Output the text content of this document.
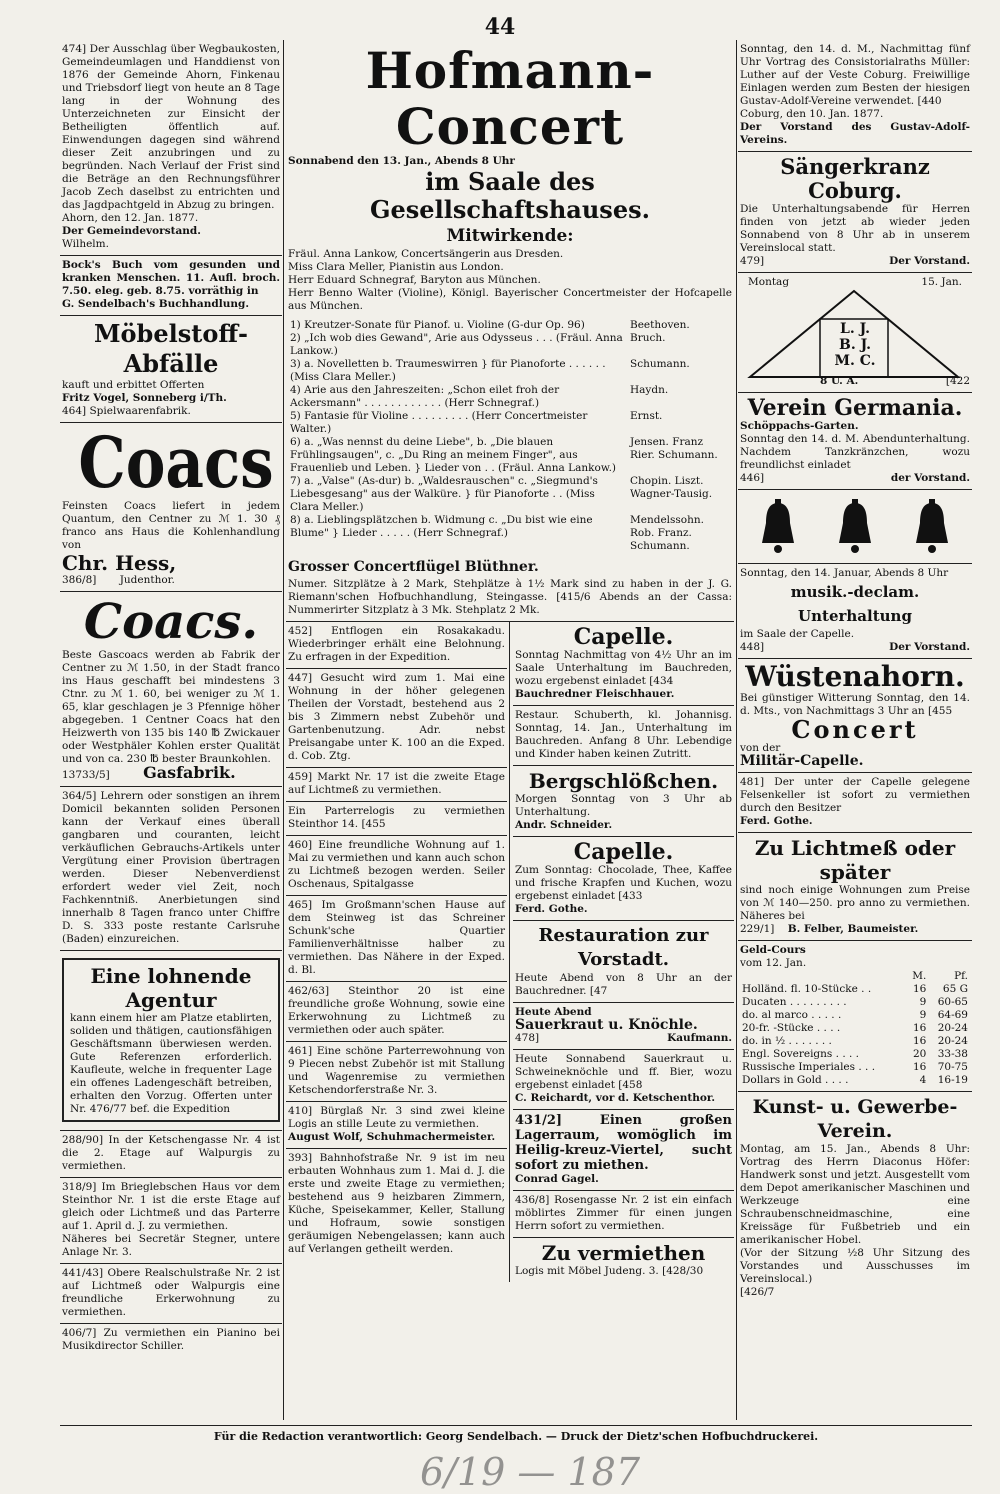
44

474] Der Ausschlag über Wegbaukosten, Gemeindeumlagen und Handdienst von 1876 der Gemeinde Ahorn, Finkenau und Triebsdorf liegt von heute an 8 Tage lang in der Wohnung des Unterzeichneten zur Einsicht der Betheiligten öffentlich auf. Einwendungen dagegen sind während dieser Zeit anzubringen und zu begründen. Nach Verlauf der Frist sind die Beträge an den Rechnungsführer Jacob Zech daselbst zu entrichten und das Jagdpachtgeld in Abzug zu bringen.

Ahorn, den 12. Jan. 1877.

Der Gemeindevorstand.

Wilhelm.

Bock's Buch vom gesunden und kranken Menschen. 11. Aufl. broch. 7.50. eleg. geb. 8.75. vorräthig in

G. Sendelbach's Buchhandlung.

Möbelstoff-Abfälle

kauft und erbittet Offerten

Fritz Vogel, Sonneberg i/Th.

464] Spielwaarenfabrik.

Coacs

Feinsten Coacs liefert in jedem Quantum, den Centner zu ℳ 1. 30 ₰ franco ans Haus die Kohlenhandlung von

Chr. Hess,

386/8] Judenthor.

Coacs.

Beste Gascoacs werden ab Fabrik der Centner zu ℳ 1.50, in der Stadt franco ins Haus geschafft bei mindestens 3 Ctnr. zu ℳ 1. 60, bei weniger zu ℳ 1. 65, klar geschlagen je 3 Pfennige höher abgegeben. 1 Centner Coacs hat den Heizwerth von 135 bis 140 ℔ Zwickauer oder Westphäler Kohlen erster Qualität und von ca. 230 ℔ bester Braunkohlen.

13733/5] Gasfabrik.

364/5] Lehrern oder sonstigen an ihrem Domicil bekannten soliden Personen kann der Verkauf eines überall gangbaren und couranten, leicht verkäuflichen Gebrauchs-Artikels unter Vergütung einer Provision übertragen werden. Dieser Nebenverdienst erfordert weder viel Zeit, noch Fachkenntniß. Anerbietungen sind innerhalb 8 Tagen franco unter Chiffre D. S. 333 poste restante Carlsruhe (Baden) einzureichen.

Eine lohnende Agentur

kann einem hier am Platze etablirten, soliden und thätigen, cautionsfähigen Geschäftsmann überwiesen werden. Gute Referenzen erforderlich. Kaufleute, welche in frequenter Lage ein offenes Ladengeschäft betreiben, erhalten den Vorzug. Offerten unter Nr. 476/77 bef. die Expedition

288/90] In der Ketschengasse Nr. 4 ist die 2. Etage auf Walpurgis zu vermiethen.

318/9] Im Brieglebschen Haus vor dem Steinthor Nr. 1 ist die erste Etage auf gleich oder Lichtmeß und das Parterre auf 1. April d. J. zu vermiethen.

Näheres bei Secretär Stegner, untere Anlage Nr. 3.

441/43] Obere Realschulstraße Nr. 2 ist auf Lichtmeß oder Walpurgis eine freundliche Erkerwohnung zu vermiethen.

406/7] Zu vermiethen ein Pianino bei Musikdirector Schiller.

Hofmann-Concert

Sonnabend den 13. Jan., Abends 8 Uhr

im Saale des Gesellschaftshauses.
Mitwirkende:

Fräul. Anna Lankow, Concertsängerin aus Dresden.

Miss Clara Meller, Pianistin aus London.

Herr Eduard Schnegraf, Baryton aus München.

Herr Benno Walter (Violine), Königl. Bayerischer Concertmeister der Hofcapelle aus München.

1) Kreutzer-Sonate für Pianof. u. Violine (G-dur Op. 96)	Beethoven.
2) „Ich wob dies Gewand", Arie aus Odysseus . . . (Fräul. Anna Lankow.)	Bruch.
3) a. Novelletten b. Traumeswirren } für Pianoforte . . . . . . (Miss Clara Meller.)	Schumann.
4) Arie aus den Jahreszeiten: „Schon eilet froh der Ackersmann" . . . . . . . . . . . . (Herr Schnegraf.)	Haydn.
5) Fantasie für Violine . . . . . . . . . (Herr Concertmeister Walter.)	Ernst.
6) a. „Was nennst du deine Liebe", b. „Die blauen Frühlingsaugen", c. „Du Ring an meinem Finger", aus Frauenlieb und Leben. } Lieder von . . (Fräul. Anna Lankow.)	Jensen. Franz Rier. Schumann.
7) a. „Valse" (As-dur) b. „Waldesrauschen" c. „Siegmund's Liebesgesang" aus der Walküre. } für Pianoforte . . (Miss Clara Meller.)	Chopin. Liszt. Wagner-Tausig.
8) a. Lieblingsplätzchen b. Widmung c. „Du bist wie eine Blume" } Lieder . . . . . (Herr Schnegraf.)	Mendelssohn. Rob. Franz. Schumann.

Grosser Concertflügel Blüthner.

Numer. Sitzplätze à 2 Mark, Stehplätze à 1½ Mark sind zu haben in der J. G. Riemann'schen Hofbuchhandlung, Steingasse. [415/6 Abends an der Cassa: Nummerirter Sitzplatz à 3 Mk. Stehplatz 2 Mk.

452] Entflogen ein Rosakakadu. Wiederbringer erhält eine Belohnung. Zu erfragen in der Expedition.

447] Gesucht wird zum 1. Mai eine Wohnung in der höher gelegenen Theilen der Vorstadt, bestehend aus 2 bis 3 Zimmern nebst Zubehör und Gartenbenutzung. Adr. nebst Preisangabe unter K. 100 an die Exped. d. Cob. Ztg.

459] Markt Nr. 17 ist die zweite Etage auf Lichtmeß zu vermiethen.

Ein Parterrelogis zu vermiethen Steinthor 14. [455

460] Eine freundliche Wohnung auf 1. Mai zu vermiethen und kann auch schon zu Lichtmeß bezogen werden. Seiler Oschenaus, Spitalgasse

465] Im Großmann'schen Hause auf dem Steinweg ist das Schreiner Schunk'sche Quartier Familienverhältnisse halber zu vermiethen. Das Nähere in der Exped. d. Bl.

462/63] Steinthor 20 ist eine freundliche große Wohnung, sowie eine Erkerwohnung zu Lichtmeß zu vermiethen oder auch später.

461] Eine schöne Parterrewohnung von 9 Piecen nebst Zubehör ist mit Stallung und Wagenremise zu vermiethen Ketschendorferstraße Nr. 3.

410] Bürglaß Nr. 3 sind zwei kleine Logis an stille Leute zu vermiethen.

August Wolf, Schuhmachermeister.

393] Bahnhofstraße Nr. 9 ist im neu erbauten Wohnhaus zum 1. Mai d. J. die erste und zweite Etage zu vermiethen; bestehend aus 9 heizbaren Zimmern, Küche, Speisekammer, Keller, Stallung und Hofraum, sowie sonstigen geräumigen Nebengelassen; kann auch auf Verlangen getheilt werden.

Capelle.

Sonntag Nachmittag von 4½ Uhr an im Saale Unterhaltung im Bauchreden, wozu ergebenst einladet [434

Bauchredner Fleischhauer.

Restaur. Schuberth, kl. Johannisg. Sonntag, 14. Jan., Unterhaltung im Bauchreden. Anfang 8 Uhr. Lebendige und Kinder haben keinen Zutritt.

Bergschlößchen.

Morgen Sonntag von 3 Uhr ab Unterhaltung.

Andr. Schneider.

Capelle.

Zum Sonntag: Chocolade, Thee, Kaffee und frische Krapfen und Kuchen, wozu ergebenst einladet [433

Ferd. Gothe.

Restauration zur Vorstadt.

Heute Abend von 8 Uhr an der Bauchredner. [47

Heute Abend

Sauerkraut u. Knöchle.

478]	Kaufmann.

Heute Sonnabend Sauerkraut u. Schweineknöchle und ff. Bier, wozu ergebenst einladet [458

C. Reichardt, vor d. Ketschenthor.

431/2] Einen großen Lagerraum, womöglich im Heilig-kreuz-Viertel, sucht sofort zu miethen.

Conrad Gagel.

436/8] Rosengasse Nr. 2 ist ein einfach möblirtes Zimmer für einen jungen Herrn sofort zu vermiethen.

Zu vermiethen

Logis mit Möbel Judeng. 3. [428/30

Sonntag, den 14. d. M., Nachmittag fünf Uhr Vortrag des Consistorialraths Müller: Luther auf der Veste Coburg. Freiwillige Einlagen werden zum Besten der hiesigen Gustav-Adolf-Vereine verwendet. [440

Coburg, den 10. Jan. 1877.

Der Vorstand des Gustav-Adolf-Vereins.

Sängerkranz Coburg.

Die Unterhaltungsabende für Herren finden von jetzt ab wieder jeden Sonnabend von 8 Uhr ab in unserem Vereinslocal statt.

479]	Der Vorstand.

Montag	15. Jan.
L. J.
B. J.
M. C.

8 U. A.	[422

Verein Germania.

Schöppachs-Garten.

Sonntag den 14. d. M. Abendunterhaltung. Nachdem Tanzkränzchen, wozu freundlichst einladet

446]	der Vorstand.

Sonntag, den 14. Januar, Abends 8 Uhr

musik.-declam. Unterhaltung

im Saale der Capelle.

448]	Der Vorstand.

Wüstenahorn.

Bei günstiger Witterung Sonntag, den 14. d. Mts., von Nachmittags 3 Uhr an [455

Concert

von der

Militär-Capelle.

481] Der unter der Capelle gelegene Felsenkeller ist sofort zu vermiethen durch den Besitzer

Ferd. Gothe.

Zu Lichtmeß oder später

sind noch einige Wohnungen zum Preise von ℳ 140—250. pro anno zu vermiethen. Näheres bei

229/1] B. Felber, Baumeister.

Geld-Cours

vom 12. Jan.

	M.	Pf.
Holländ. fl. 10-Stücke . .	16	65 G
Ducaten . . . . . . . . .	9	60-65
do. al marco . . . . .	9	64-69
20-fr. -Stücke . . . .	16	20-24
do. in ½ . . . . . . .	16	20-24
Engl. Sovereigns . . . .	20	33-38
Russische Imperiales . . .	16	70-75
Dollars in Gold . . . .	4	16-19
Kunst- u. Gewerbe-Verein.

Montag, am 15. Jan., Abends 8 Uhr: Vortrag des Herrn Diaconus Höfer: Handwerk sonst und jetzt. Ausgestellt vom dem Depot amerikanischer Maschinen und Werkzeuge eine Schraubenschneidmaschine, eine Kreissäge für Fußbetrieb und ein amerikanischer Hobel.

(Vor der Sitzung ½8 Uhr Sitzung des Vorstandes und Ausschusses im Vereinslocal.)

[426/7

Für die Redaction verantwortlich: Georg Sendelbach. — Druck der Dietz'schen Hofbuchdruckerei.
6/19 — 187
